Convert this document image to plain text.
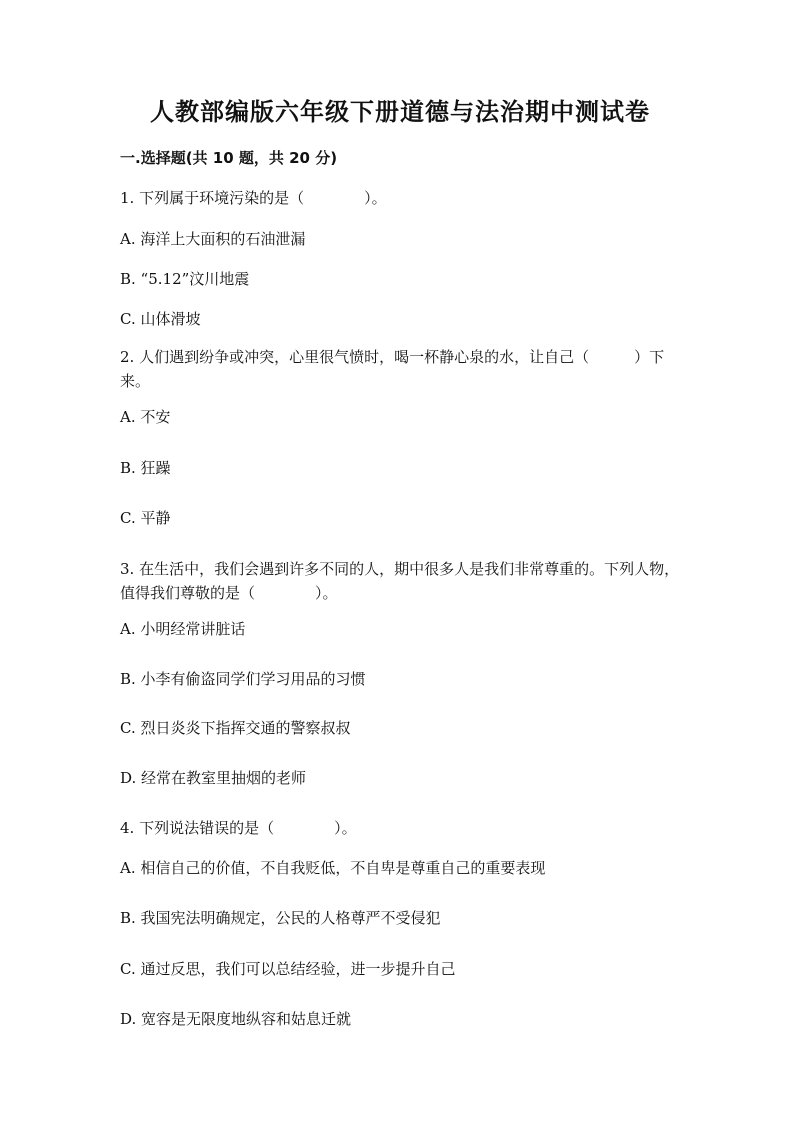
人教部编版六年级下册道德与法治期中测试卷
一.选择题(共 10 题，共 20 分)

1. 下列属于环境污染的是（　　　　）。

A. 海洋上大面积的石油泄漏

B. “5.12”汶川地震

C. 山体滑坡

2. 人们遇到纷争或冲突，心里很气愤时，喝一杯静心泉的水，让自己（　　　）下来。

A. 不安

B. 狂躁

C. 平静

3. 在生活中，我们会遇到许多不同的人，期中很多人是我们非常尊重的。下列人物，　值得我们尊敬的是（　　　　）。

A. 小明经常讲脏话

B. 小李有偷盗同学们学习用品的习惯

C. 烈日炎炎下指挥交通的警察叔叔

D. 经常在教室里抽烟的老师

4. 下列说法错误的是（　　　　）。

A. 相信自己的价值，不自我贬低，不自卑是尊重自己的重要表现

B. 我国宪法明确规定，公民的人格尊严不受侵犯

C. 通过反思，我们可以总结经验，进一步提升自己

D. 宽容是无限度地纵容和姑息迁就
